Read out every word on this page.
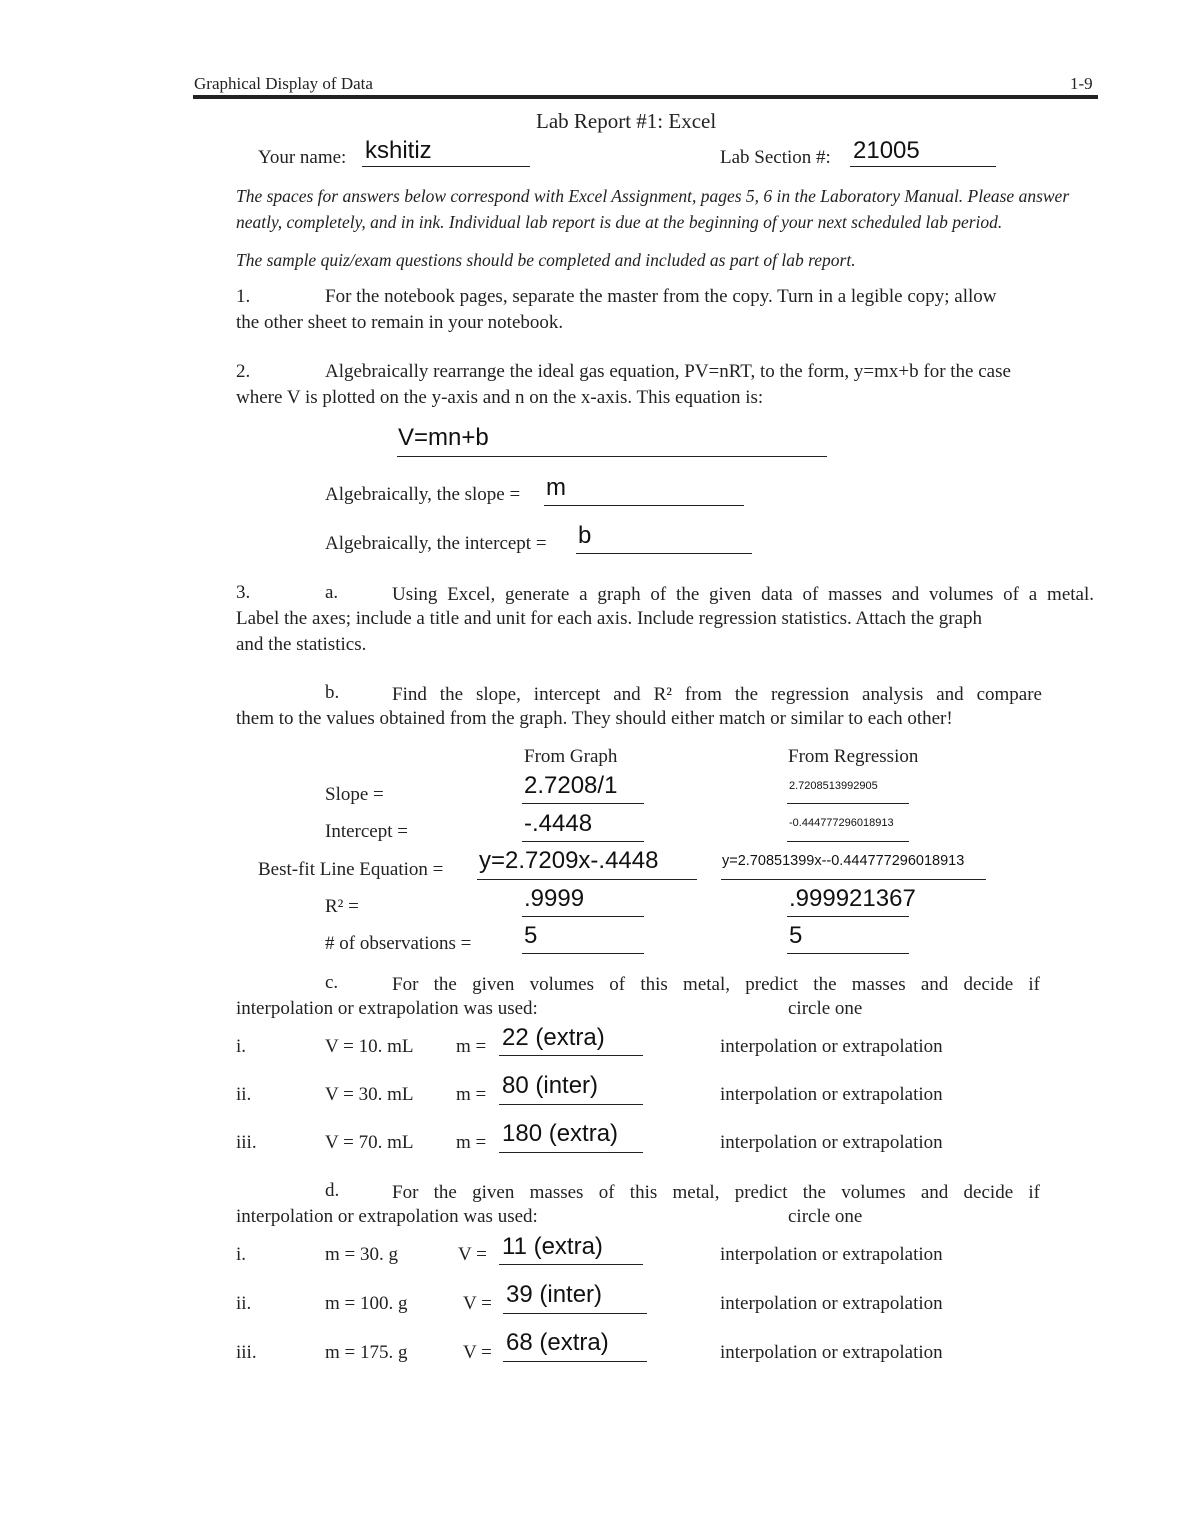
Graphical Display of Data	1-9
Lab Report #1: Excel
Your name: kshitiz	Lab Section #: 21005
The spaces for answers below correspond with Excel Assignment, pages 5, 6 in the Laboratory Manual. Please answer
neatly, completely, and in ink. Individual lab report is due at the beginning of your next scheduled lab period.
The sample quiz/exam questions should be completed and included as part of lab report.
1.	For the notebook pages, separate the master from the copy. Turn in a legible copy; allow
the other sheet to remain in your notebook.
2.	Algebraically rearrange the ideal gas equation, PV=nRT, to the form, y=mx+b for the case
where V is plotted on the y-axis and n on the x-axis. This equation is:
V=mn+b
Algebraically, the slope = m
Algebraically, the intercept = b
3.	a.	Using Excel, generate a graph of the given data of masses and volumes of a metal.
Label the axes; include a title and unit for each axis. Include regression statistics. Attach the graph
and the statistics.
b.	Find the slope, intercept and R² from the regression analysis and compare
them to the values obtained from the graph. They should either match or similar to each other!
From Graph	From Regression
Slope =	2.7208/1	2.7208513992905
Intercept =	-.4448	-0.444777296018913
Best-fit Line Equation = y=2.7209x-.4448	y=2.70851399x--0.444777296018913
R² =	.9999	.999921367
# of observations = 5	5
c.	For the given volumes of this metal, predict the masses and decide if
interpolation or extrapolation was used:	circle one
i.	V = 10. mL m = 22 (extra)	interpolation or extrapolation
ii.	V = 30. mL m = 80 (inter)	interpolation or extrapolation
iii.	V = 70. mL m = 180 (extra)	interpolation or extrapolation
d.	For the given masses of this metal, predict the volumes and decide if
interpolation or extrapolation was used:	circle one
i.	m = 30. g	V = 11 (extra)	interpolation or extrapolation
ii.	m = 100. g	V = 39 (inter)	interpolation or extrapolation
iii.	m = 175. g	V = 68 (extra)	interpolation or extrapolation
